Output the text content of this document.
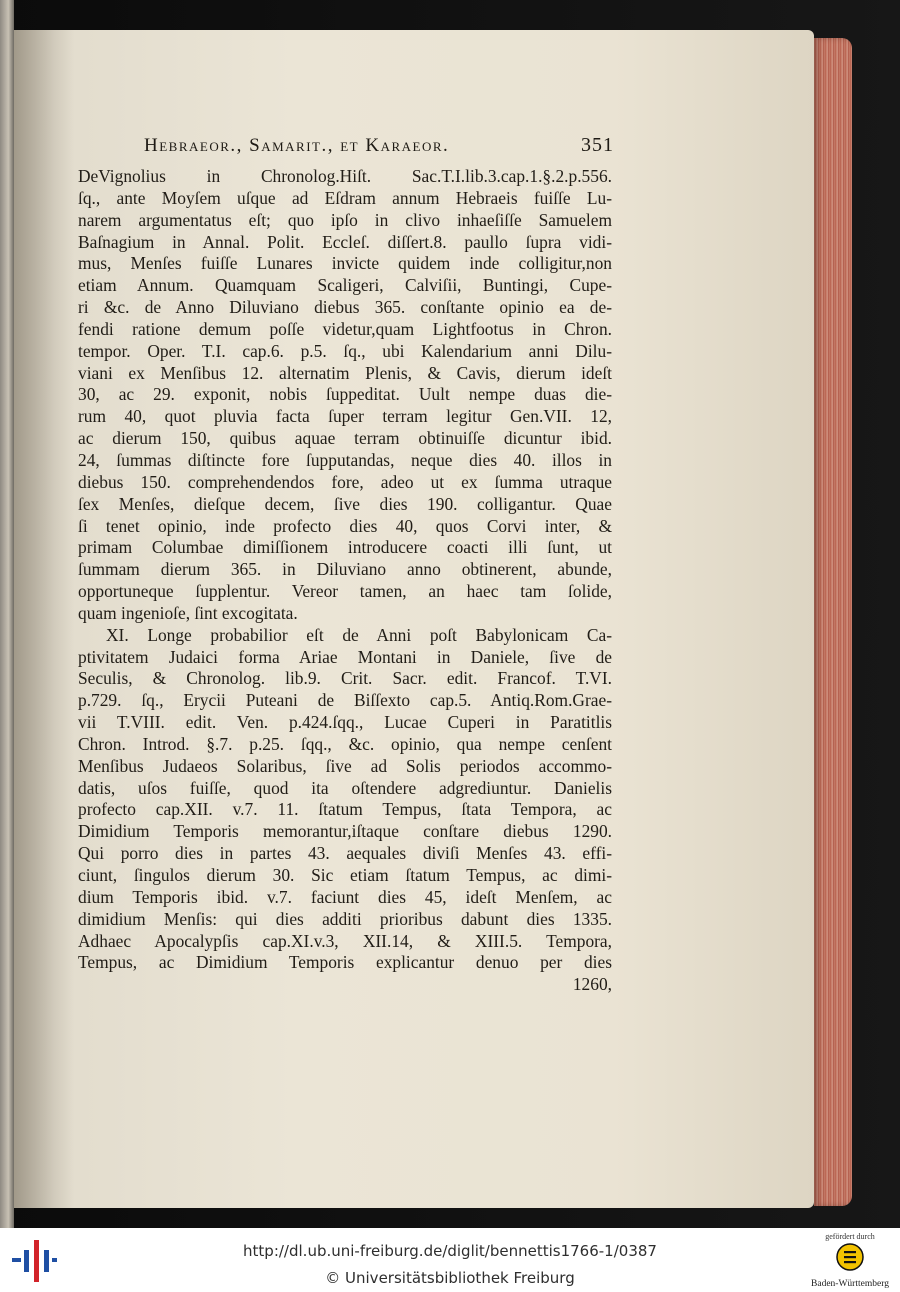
Hebraeor., Samarit., et Karaeor.	351
DeVignolius in Chronolog.Hiſt. Sac.T.I.lib.3.cap.1.§.2.p.556.
ſq., ante Moyſem uſque ad Eſdram annum Hebraeis fuiſſe Lu-
narem argumentatus eſt; quo ipſo in clivo inhaeſiſſe Samuelem
Baſnagium in Annal. Polit. Eccleſ. diſſert.8. paullo ſupra vidi-
mus, Menſes fuiſſe Lunares invicte quidem inde colligitur,non
etiam Annum. Quamquam Scaligeri, Calviſii, Buntingi, Cupe-
ri &c. de Anno Diluviano diebus 365. conſtante opinio ea de-
fendi ratione demum poſſe videtur,quam Lightfootus in Chron.
tempor. Oper. T.I. cap.6. p.5. ſq., ubi Kalendarium anni Dilu-
viani ex Menſibus 12. alternatim Plenis, & Cavis, dierum ideſt
30, ac 29. exponit, nobis ſuppeditat. Uult nempe duas die-
rum 40, quot pluvia facta ſuper terram legitur Gen.VII. 12,
ac dierum 150, quibus aquae terram obtinuiſſe dicuntur ibid.
24, ſummas diſtincte fore ſupputandas, neque dies 40. illos in
diebus 150. comprehendendos fore, adeo ut ex ſumma utraque
ſex Menſes, dieſque decem, ſive dies 190. colligantur. Quae
ſi tenet opinio, inde profecto dies 40, quos Corvi inter, &
primam Columbae dimiſſionem introducere coacti illi ſunt, ut
ſummam dierum 365. in Diluviano anno obtinerent, abunde,
opportuneque ſupplentur. Vereor tamen, an haec tam ſolide,
quam ingenioſe, ſint excogitata.
XI. Longe probabilior eſt de Anni poſt Babylonicam Ca-
ptivitatem Judaici forma Ariae Montani in Daniele, ſive de
Seculis, & Chronolog. lib.9. Crit. Sacr. edit. Francof. T.VI.
p.729. ſq., Erycii Puteani de Biſſexto cap.5. Antiq.Rom.Grae-
vii T.VIII. edit. Ven. p.424.ſqq., Lucae Cuperi in Paratitlis
Chron. Introd. §.7. p.25. ſqq., &c. opinio, qua nempe cenſent
Menſibus Judaeos Solaribus, ſive ad Solis periodos accommo-
datis, uſos fuiſſe, quod ita oſtendere adgrediuntur. Danielis
profecto cap.XII. v.7. 11. ſtatum Tempus, ſtata Tempora, ac
Dimidium Temporis memorantur,iſtaque conſtare diebus 1290.
Qui porro dies in partes 43. aequales diviſi Menſes 43. effi-
ciunt, ſingulos dierum 30. Sic etiam ſtatum Tempus, ac dimi-
dium Temporis ibid. v.7. faciunt dies 45, ideſt Menſem, ac
dimidium Menſis: qui dies additi prioribus dabunt dies 1335.
Adhaec Apocalypſis cap.XI.v.3, XII.14, & XIII.5. Tempora,
Tempus, ac Dimidium Temporis explicantur denuo per dies
1260,
http://dl.ub.uni-freiburg.de/diglit/bennettis1766-1/0387
© Universitätsbibliothek Freiburg
gefördert durch
Baden-Württemberg
